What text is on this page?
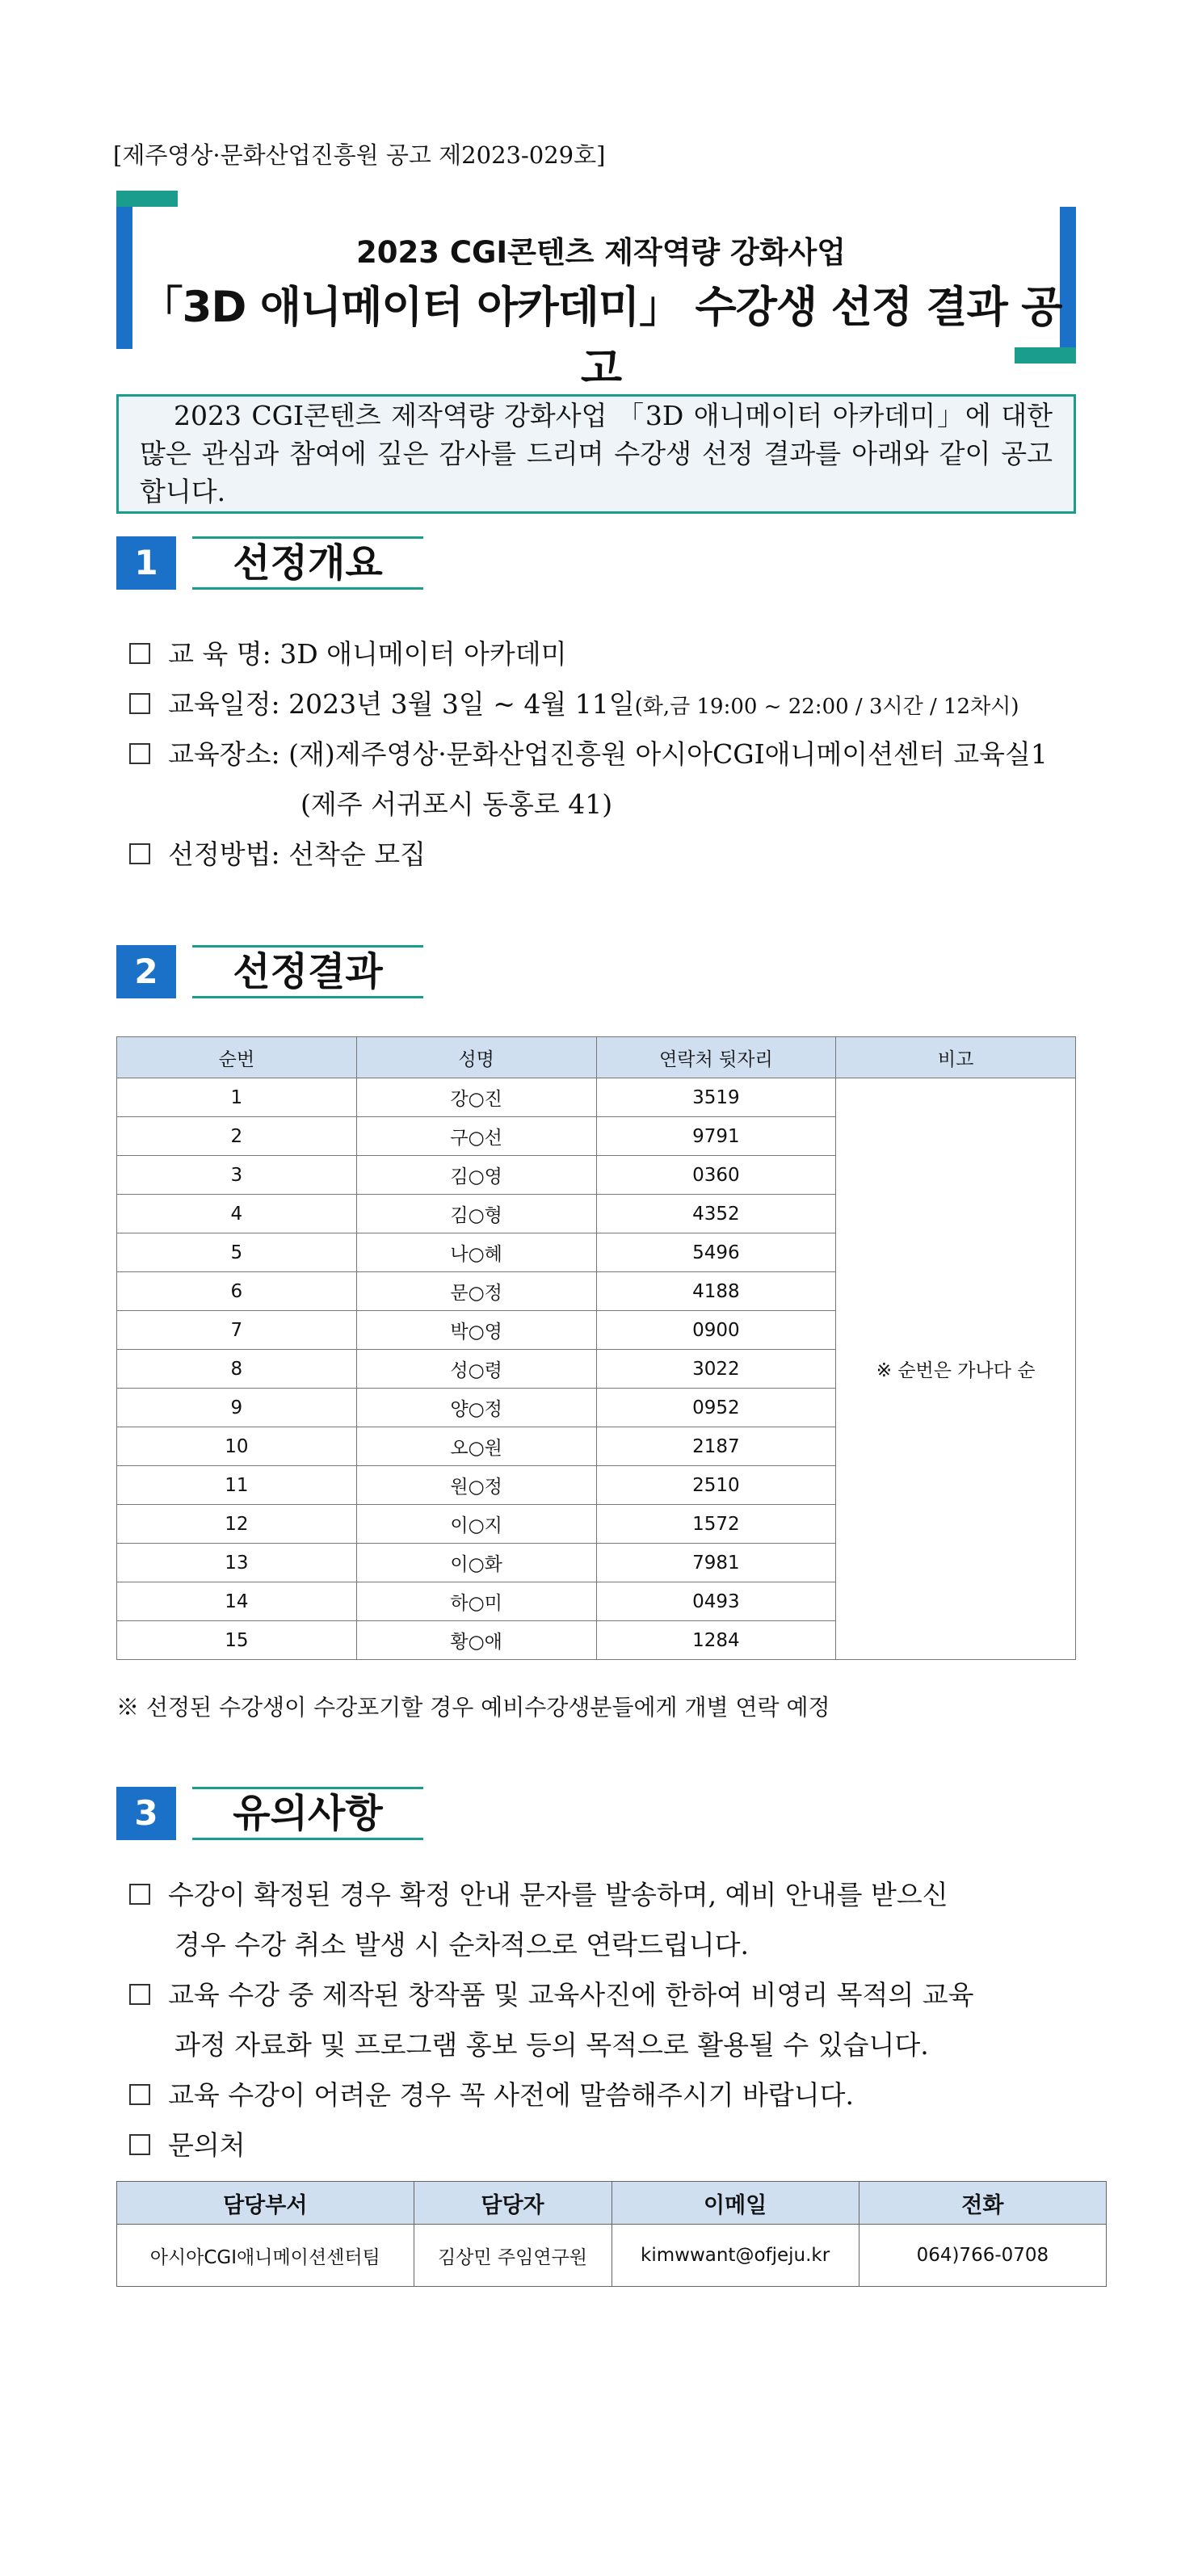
[제주영상·문화산업진흥원 공고 제2023-029호]
2023 CGI콘텐츠 제작역량 강화사업
「3D 애니메이터 아카데미」 수강생 선정 결과 공고
2023 CGI콘텐츠 제작역량 강화사업 「3D 애니메이터 아카데미」에 대한 많은 관심과 참여에 깊은 감사를 드리며 수강생 선정 결과를 아래와 같이 공고합니다.
1	선정개요
교 육 명: 3D 애니메이터 아카데미
교육일정: 2023년 3월 3일 ~ 4월 11일(화,금 19:00 ~ 22:00 / 3시간 / 12차시)
교육장소: (재)제주영상·문화산업진흥원 아시아CGI애니메이션센터 교육실1
(제주 서귀포시 동홍로 41)
선정방법: 선착순 모집
2	선정결과
순번	성명	연락처 뒷자리	비고
1	강○진	3519	※ 순번은 가나다 순
2	구○선	9791	
3	김○영	0360	
4	김○형	4352	
5	나○혜	5496	
6	문○정	4188	
7	박○영	0900	
8	성○령	3022	
9	양○정	0952	
10	오○원	2187	
11	원○정	2510	
12	이○지	1572	
13	이○화	7981	
14	하○미	0493	
15	황○애	1284	
※ 선정된 수강생이 수강포기할 경우 예비수강생분들에게 개별 연락 예정
3	유의사항
수강이 확정된 경우 확정 안내 문자를 발송하며, 예비 안내를 받으신
경우 수강 취소 발생 시 순차적으로 연락드립니다.
교육 수강 중 제작된 창작품 및 교육사진에 한하여 비영리 목적의 교육
과정 자료화 및 프로그램 홍보 등의 목적으로 활용될 수 있습니다.
교육 수강이 어려운 경우 꼭 사전에 말씀해주시기 바랍니다.
문의처
담당부서	담당자	이메일	전화
아시아CGI애니메이션센터팀	김상민 주임연구원	kimwwant@ofjeju.kr	064)766-0708
